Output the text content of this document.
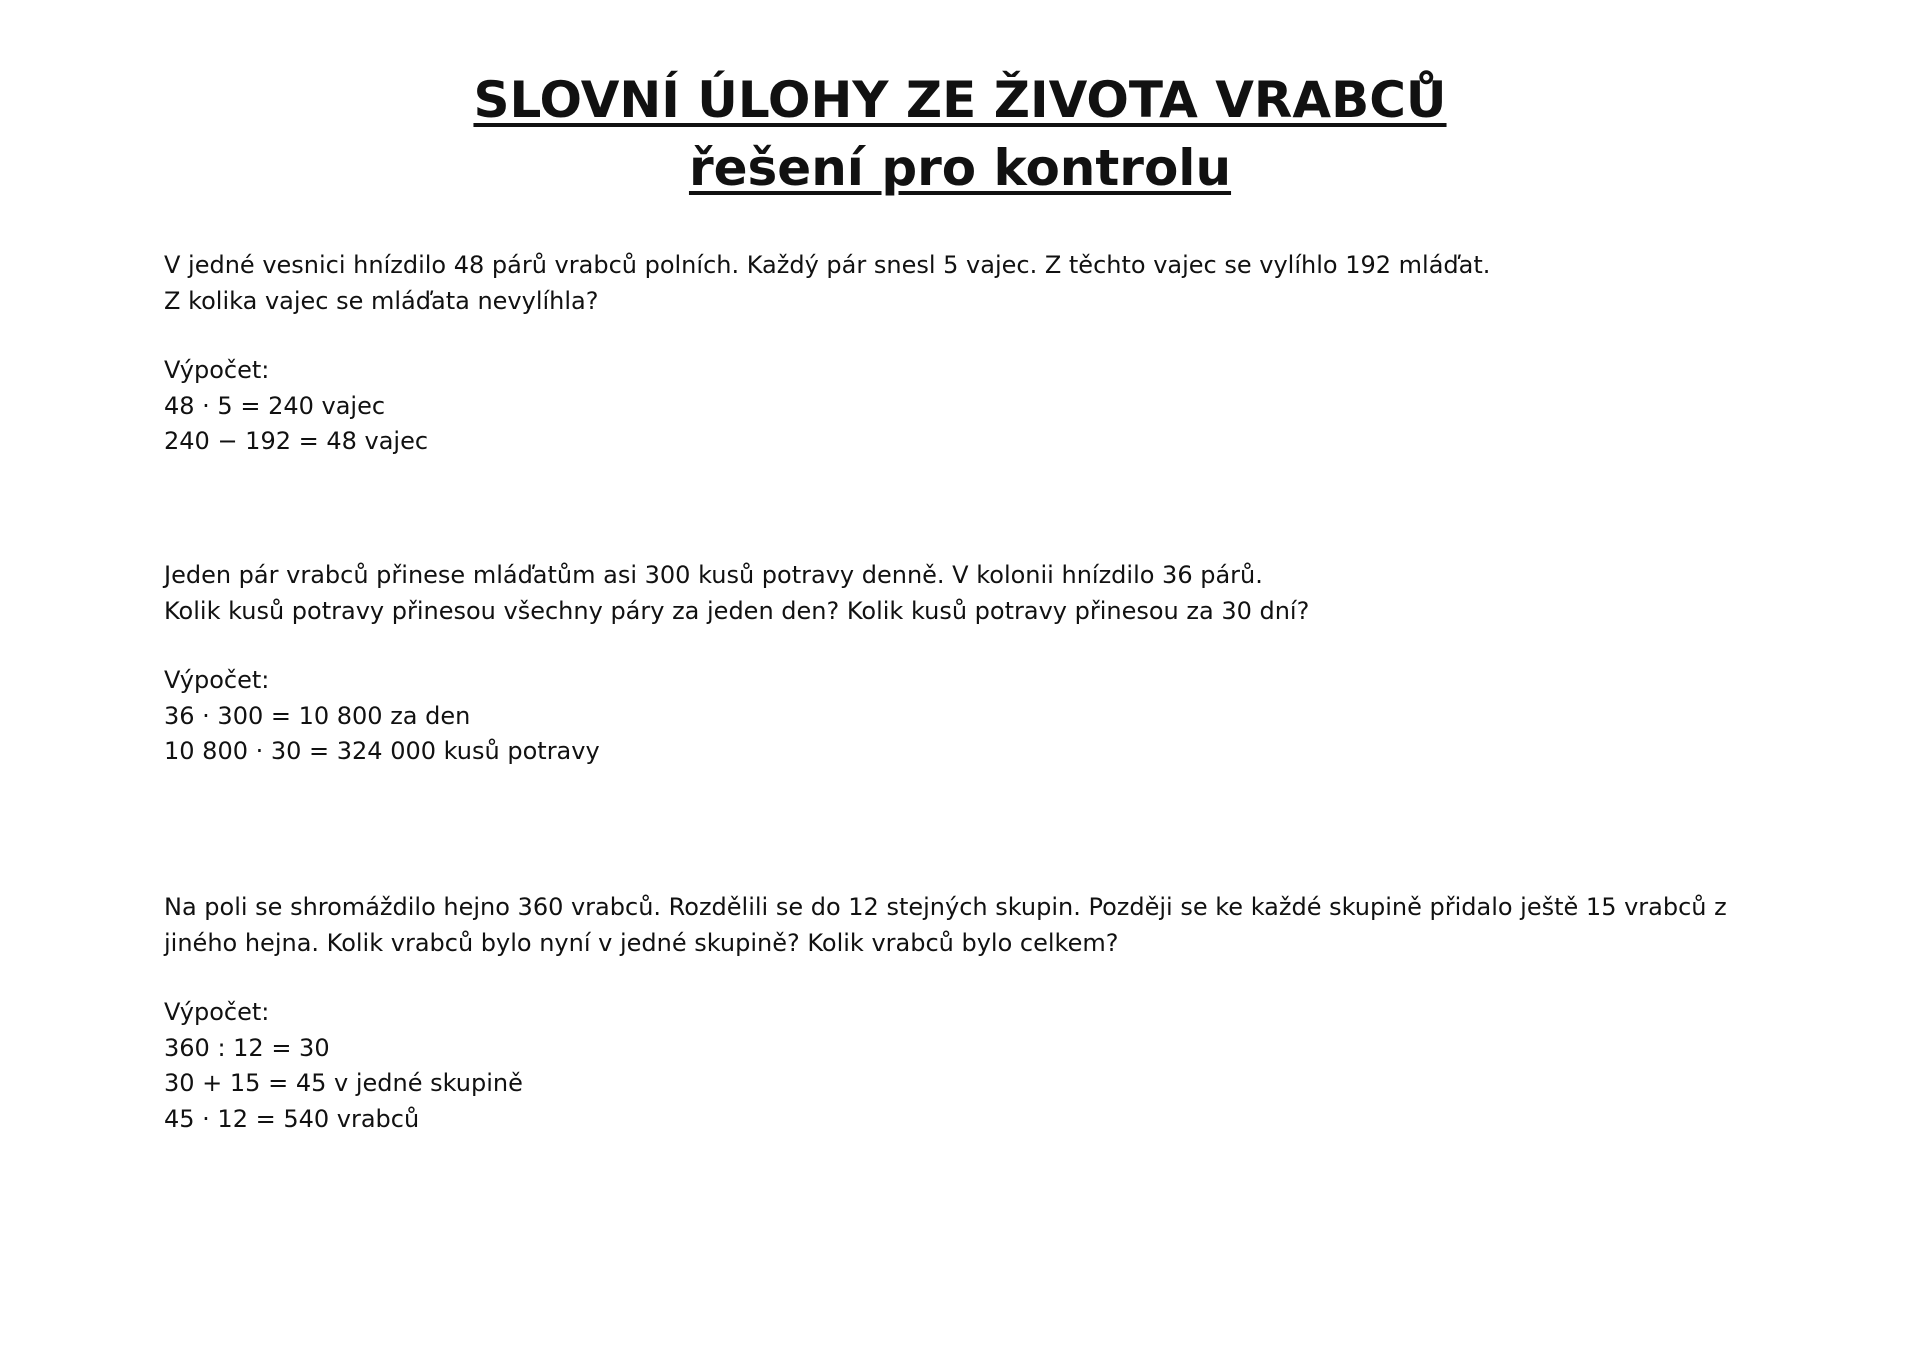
SLOVNÍ ÚLOHY ZE ŽIVOTA VRABCŮ
řešení pro kontrolu

V jedné vesnici hnízdilo 48 párů vrabců polních. Každý pár snesl 5 vajec. Z těchto vajec se vylíhlo 192 mláďat.
Z kolika vajec se mláďata nevylíhla?

Výpočet:
48 · 5 = 240 vajec
240 − 192 = 48 vajec

Jeden pár vrabců přinese mláďatům asi 300 kusů potravy denně. V kolonii hnízdilo 36 párů.
Kolik kusů potravy přinesou všechny páry za jeden den? Kolik kusů potravy přinesou za 30 dní?

Výpočet:
36 · 300 = 10 800 za den
10 800 · 30 = 324 000 kusů potravy

Na poli se shromáždilo hejno 360 vrabců. Rozdělili se do 12 stejných skupin. Později se ke každé skupině přidalo ještě 15 vrabců z
jiného hejna. Kolik vrabců bylo nyní v jedné skupině? Kolik vrabců bylo celkem?

Výpočet:
360 : 12 = 30
30 + 15 = 45 v jedné skupině
45 · 12 = 540 vrabců
